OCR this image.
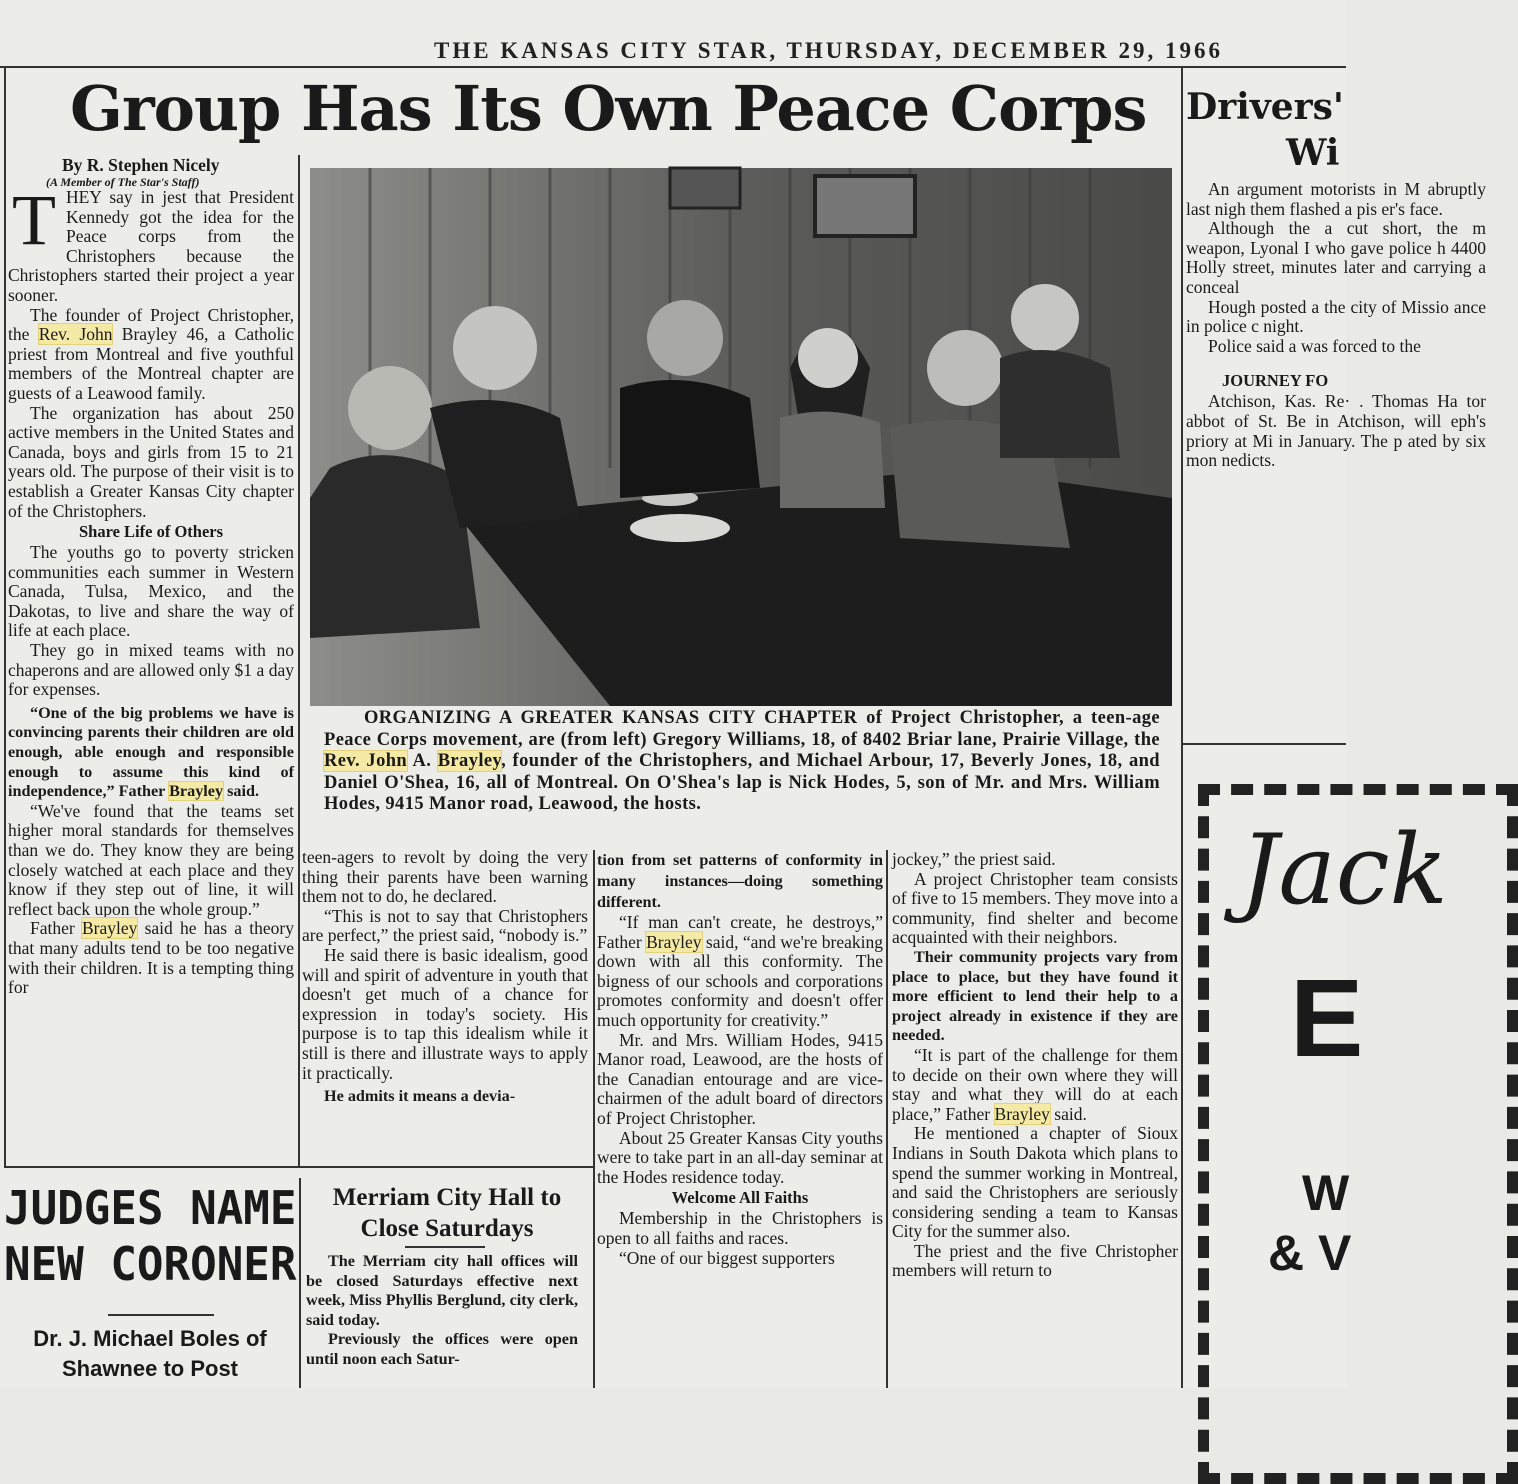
THE KANSAS CITY STAR, THURSDAY, DECEMBER 29, 1966
Group Has Its Own Peace Corps
By R. Stephen Nicely
(A Member of The Star's Staff)
T HEY say in jest that President Kennedy got the idea for the Peace corps from the Christophers because the Christophers started their project a year sooner.

The founder of Project Christopher, the Rev. John Brayley 46, a Catholic priest from Montreal and five youthful members of the Montreal chapter are guests of a Leawood family.

The organization has about 250 active members in the United States and Canada, boys and girls from 15 to 21 years old. The purpose of their visit is to establish a Greater Kansas City chapter of the Christophers.

Share Life of Others

The youths go to poverty stricken communities each summer in Western Canada, Tulsa, Mexico, and the Dakotas, to live and share the way of life at each place.

They go in mixed teams with no chaperons and are allowed only $1 a day for expenses.

“One of the big problems we have is convincing parents their children are old enough, able enough and responsible enough to assume this kind of independence,” Father Brayley said.

“We've found that the teams set higher moral standards for themselves than we do. They know they are being closely watched at each place and they know if they step out of line, it will reflect back upon the whole group.”

Father Brayley said he has a theory that many adults tend to be too negative with their children. It is a tempting thing for

ORGANIZING A GREATER KANSAS CITY CHAPTER of Project Christopher, a teen-age Peace Corps movement, are (from left) Gregory Williams, 18, of 8402 Briar lane, Prairie Village, the Rev. John A. Brayley, founder of the Christophers, and Michael Arbour, 17, Beverly Jones, 18, and Daniel O'Shea, 16, all of Montreal. On O'Shea's lap is Nick Hodes, 5, son of Mr. and Mrs. William Hodes, 9415 Manor road, Leawood, the hosts.

teen-agers to revolt by doing the very thing their parents have been warning them not to do, he declared.

“This is not to say that Christophers are perfect,” the priest said, “nobody is.”

He said there is basic idealism, good will and spirit of adventure in youth that doesn't get much of a chance for expression in today's society. His purpose is to tap this idealism while it still is there and illustrate ways to apply it practically.

He admits it means a devia-

tion from set patterns of conformity in many instances—doing something different.

“If man can't create, he destroys,” Father Brayley said, “and we're breaking down with all this conformity. The bigness of our schools and corporations promotes conformity and doesn't offer much opportunity for creativity.”

Mr. and Mrs. William Hodes, 9415 Manor road, Leawood, are the hosts of the Canadian entourage and are vice-chairmen of the adult board of directors of Project Christopher.

About 25 Greater Kansas City youths were to take part in an all-day seminar at the Hodes residence today.

Welcome All Faiths

Membership in the Christophers is open to all faiths and races.

“One of our biggest supporters

jockey,” the priest said.

A project Christopher team consists of five to 15 members. They move into a community, find shelter and become acquainted with their neighbors.

Their community projects vary from place to place, but they have found it more efficient to lend their help to a project already in existence if they are needed.

“It is part of the challenge for them to decide on their own where they will stay and what they will do at each place,” Father Brayley said.

He mentioned a chapter of Sioux Indians in South Dakota which plans to spend the summer working in Montreal, and said the Christophers are seriously considering sending a team to Kansas City for the summer also.

The priest and the five Christopher members will return to

JUDGES NAME
NEW CORONER
Dr. J. Michael Boles of
Shawnee to Post
Merriam City Hall to
Close Saturdays

The Merriam city hall offices will be closed Saturdays effective next week, Miss Phyllis Berglund, city clerk, said today.

Previously the offices were open until noon each Satur-

Drivers'
Wi

An argument motorists in M abruptly last nigh them flashed a pis er's face.

Although the a cut short, the m weapon, Lyonal I who gave police h 4400 Holly street, minutes later and carrying a conceal

Hough posted a the city of Missio ance in police c night.

Police said a was forced to the

JOURNEY FO

Atchison, Kas. Re· . Thomas Ha tor abbot of St. Be in Atchison, will eph's priory at Mi in January. The p ated by six mon nedicts.

Jack
E
W
& V
